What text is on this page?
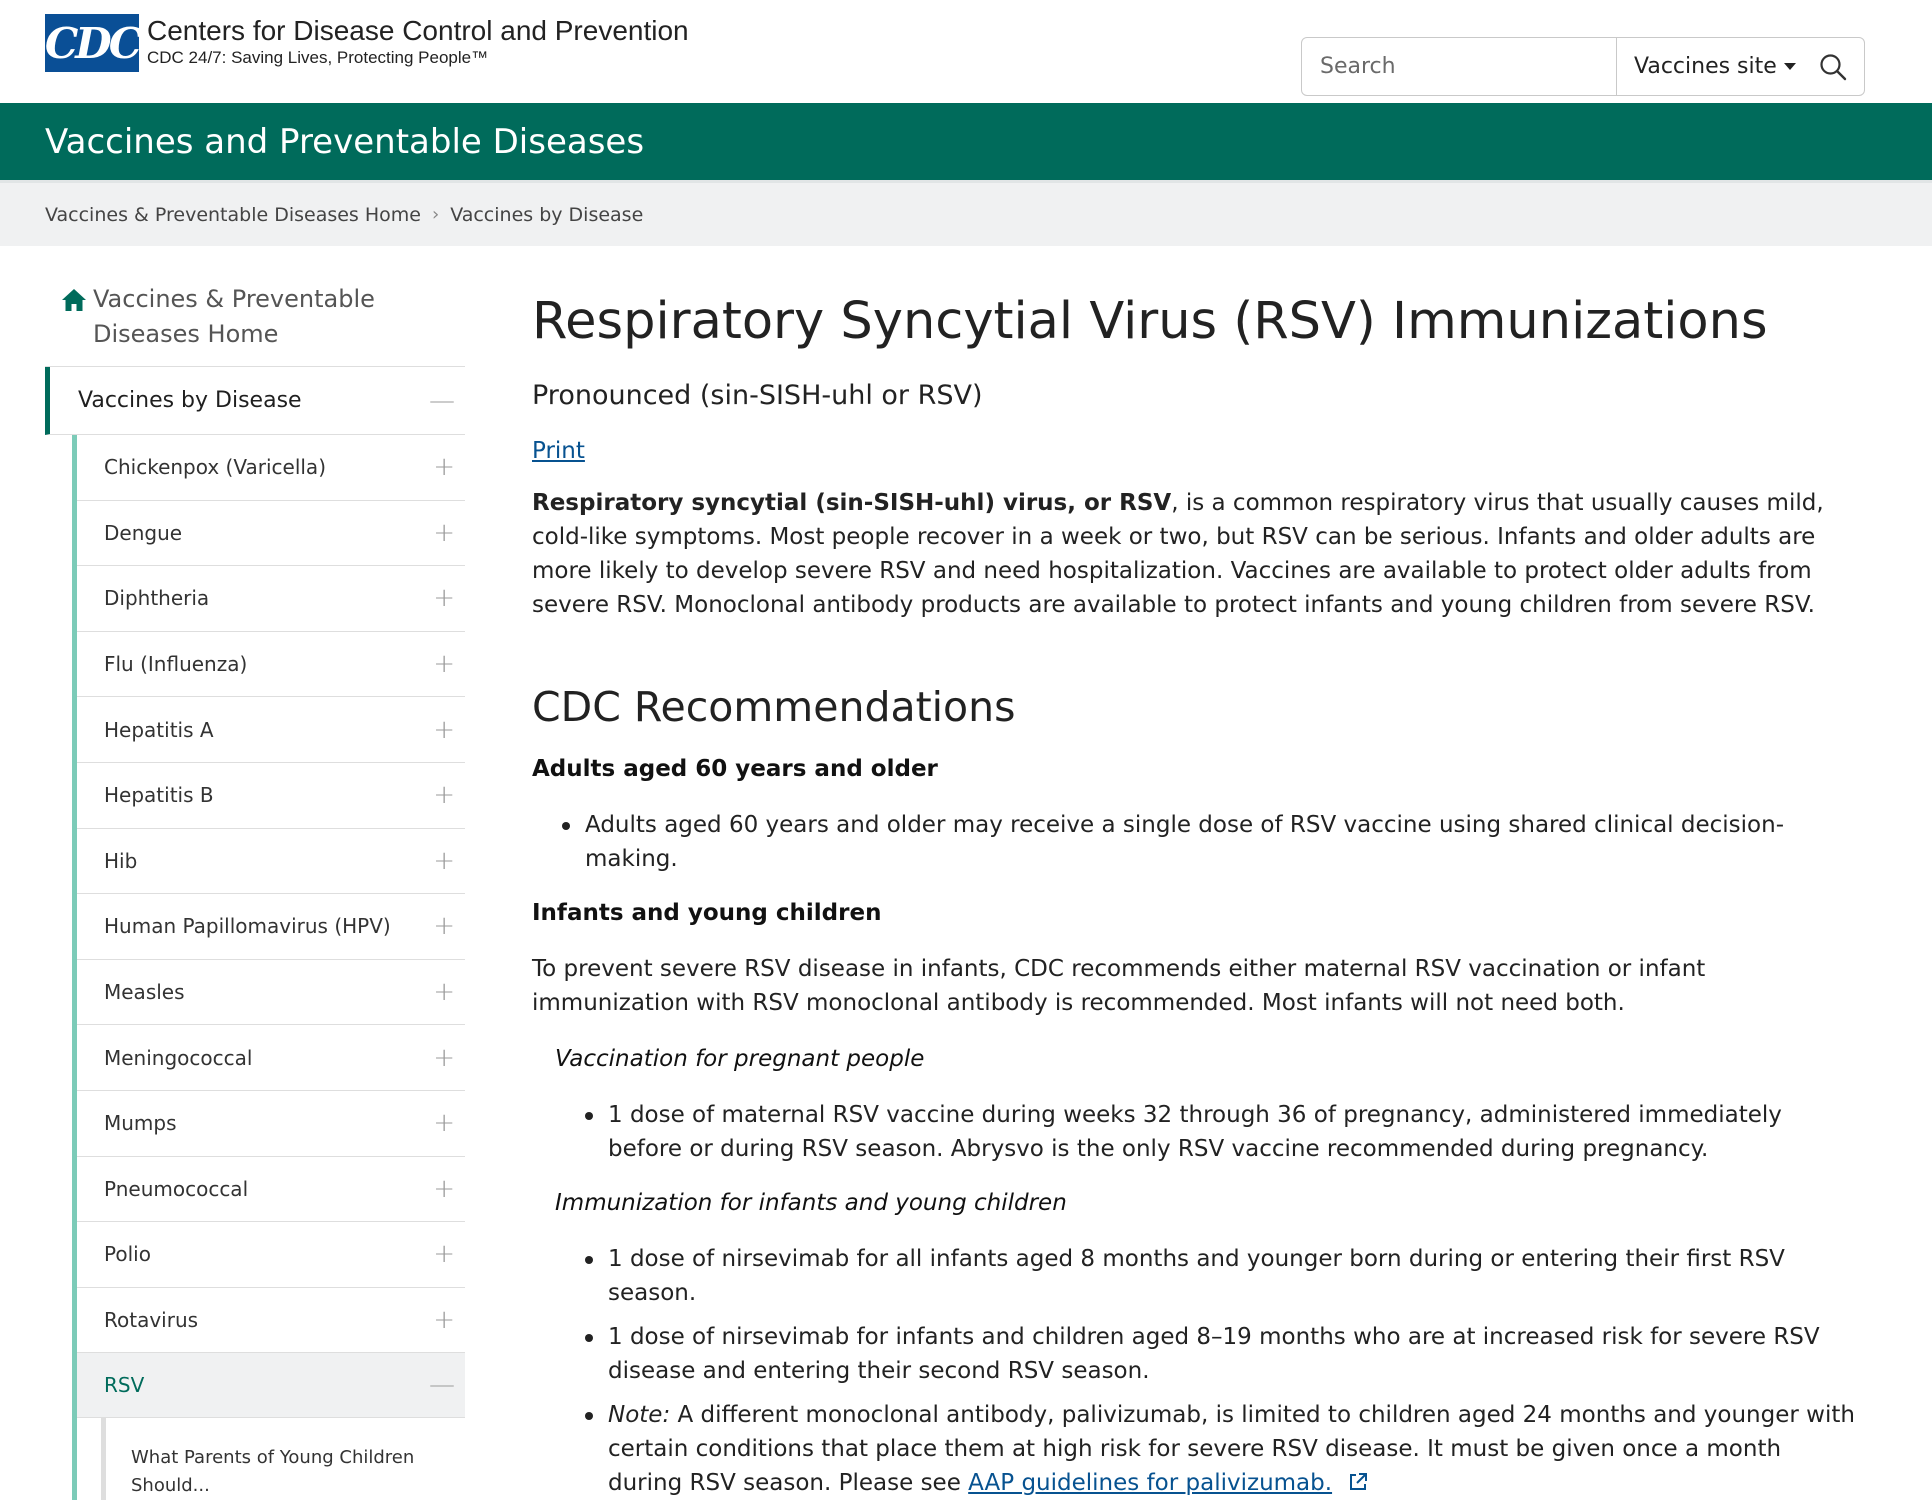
CDC Centers for Disease Control and Prevention
CDC 24/7: Saving Lives, Protecting People™
Search	Vaccines site
Vaccines and Preventable Diseases
Vaccines & Preventable Diseases Home › Vaccines by Disease
Vaccines & Preventable Diseases Home
Vaccines by Disease	—
Chickenpox (Varicella)	+
Dengue	+
Diphtheria	+
Flu (Influenza)	+
Hepatitis A	+
Hepatitis B	+
Hib	+
Human Papillomavirus (HPV) +
Measles	+
Meningococcal	+
Mumps	+
Pneumococcal	+
Polio	+
Rotavirus	+
RSV	—
What Parents of Young Children Should...
Respiratory Syncytial Virus (RSV) Immunizations
Pronounced (sin-SISH-uhl or RSV)
Print

Respiratory syncytial (sin-SISH-uhl) virus, or RSV, is a common respiratory virus that usually causes mild, cold-like symptoms. Most people recover in a week or two, but RSV can be serious. Infants and older adults are more likely to develop severe RSV and need hospitalization. Vaccines are available to protect older adults from severe RSV. Monoclonal antibody products are available to protect infants and young children from severe RSV.

CDC Recommendations
Adults aged 60 years and older
Adults aged 60 years and older may receive a single dose of RSV vaccine using shared clinical decision-making.
Infants and young children

To prevent severe RSV disease in infants, CDC recommends either maternal RSV vaccination or infant immunization with RSV monoclonal antibody is recommended. Most infants will not need both.

Vaccination for pregnant people
1 dose of maternal RSV vaccine during weeks 32 through 36 of pregnancy, administered immediately before or during RSV season. Abrysvo is the only RSV vaccine recommended during pregnancy.
Immunization for infants and young children
1 dose of nirsevimab for all infants aged 8 months and younger born during or entering their first RSV season.
1 dose of nirsevimab for infants and children aged 8–19 months who are at increased risk for severe RSV disease and entering their second RSV season.
Note: A different monoclonal antibody, palivizumab, is limited to children aged 24 months and younger with certain conditions that place them at high risk for severe RSV disease. It must be given once a month during RSV season. Please see AAP guidelines for palivizumab.
